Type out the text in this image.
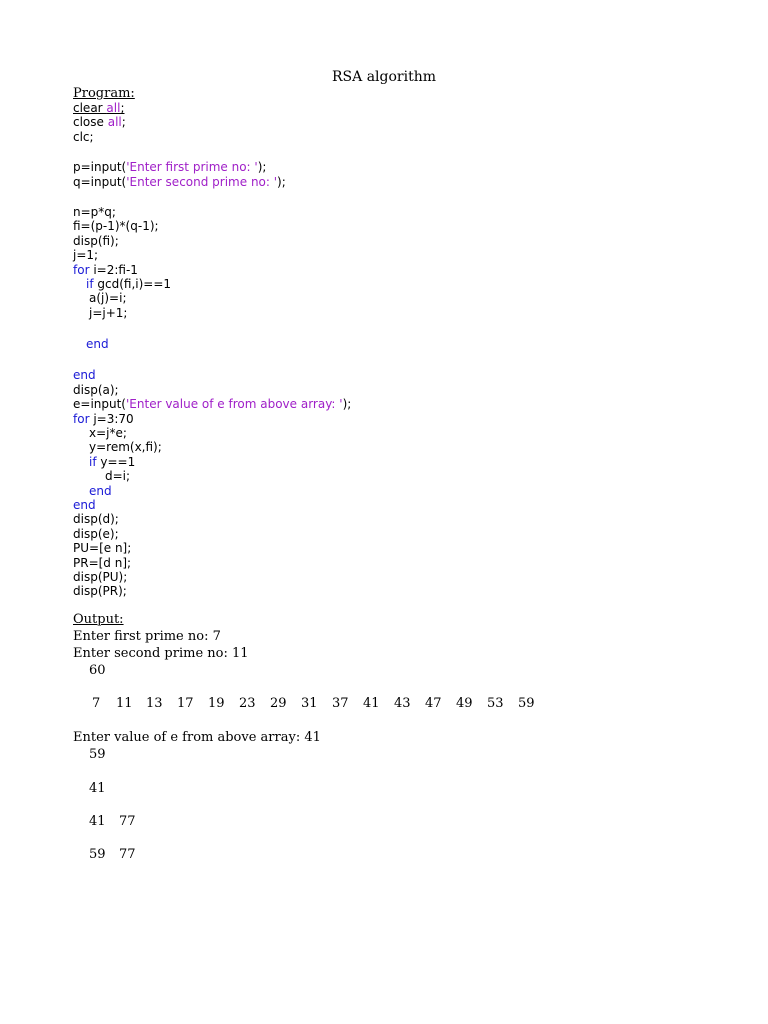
RSA algorithm
Program:
clear all;
close all;
clc;
p=input('Enter first prime no: ');
q=input('Enter second prime no: ');
n=p*q;
fi=(p-1)*(q-1);
disp(fi);
j=1;
for i=2:fi-1
if gcd(fi,i)==1
a(j)=i;
j=j+1;
end
end
disp(a);
e=input('Enter value of e from above array: ');
for j=3:70
x=j*e;
y=rem(x,fi);
if y==1
d=i;
end
end
disp(d);
disp(e);
PU=[e n];
PR=[d n];
disp(PU);
disp(PR);
Output:
Enter first prime no: 7
Enter second prime no: 11
60
7 11 13 17 19 23 29 31 37 41 43 47 49 53 59
Enter value of e from above array: 41
59
41
41 77
59 77
